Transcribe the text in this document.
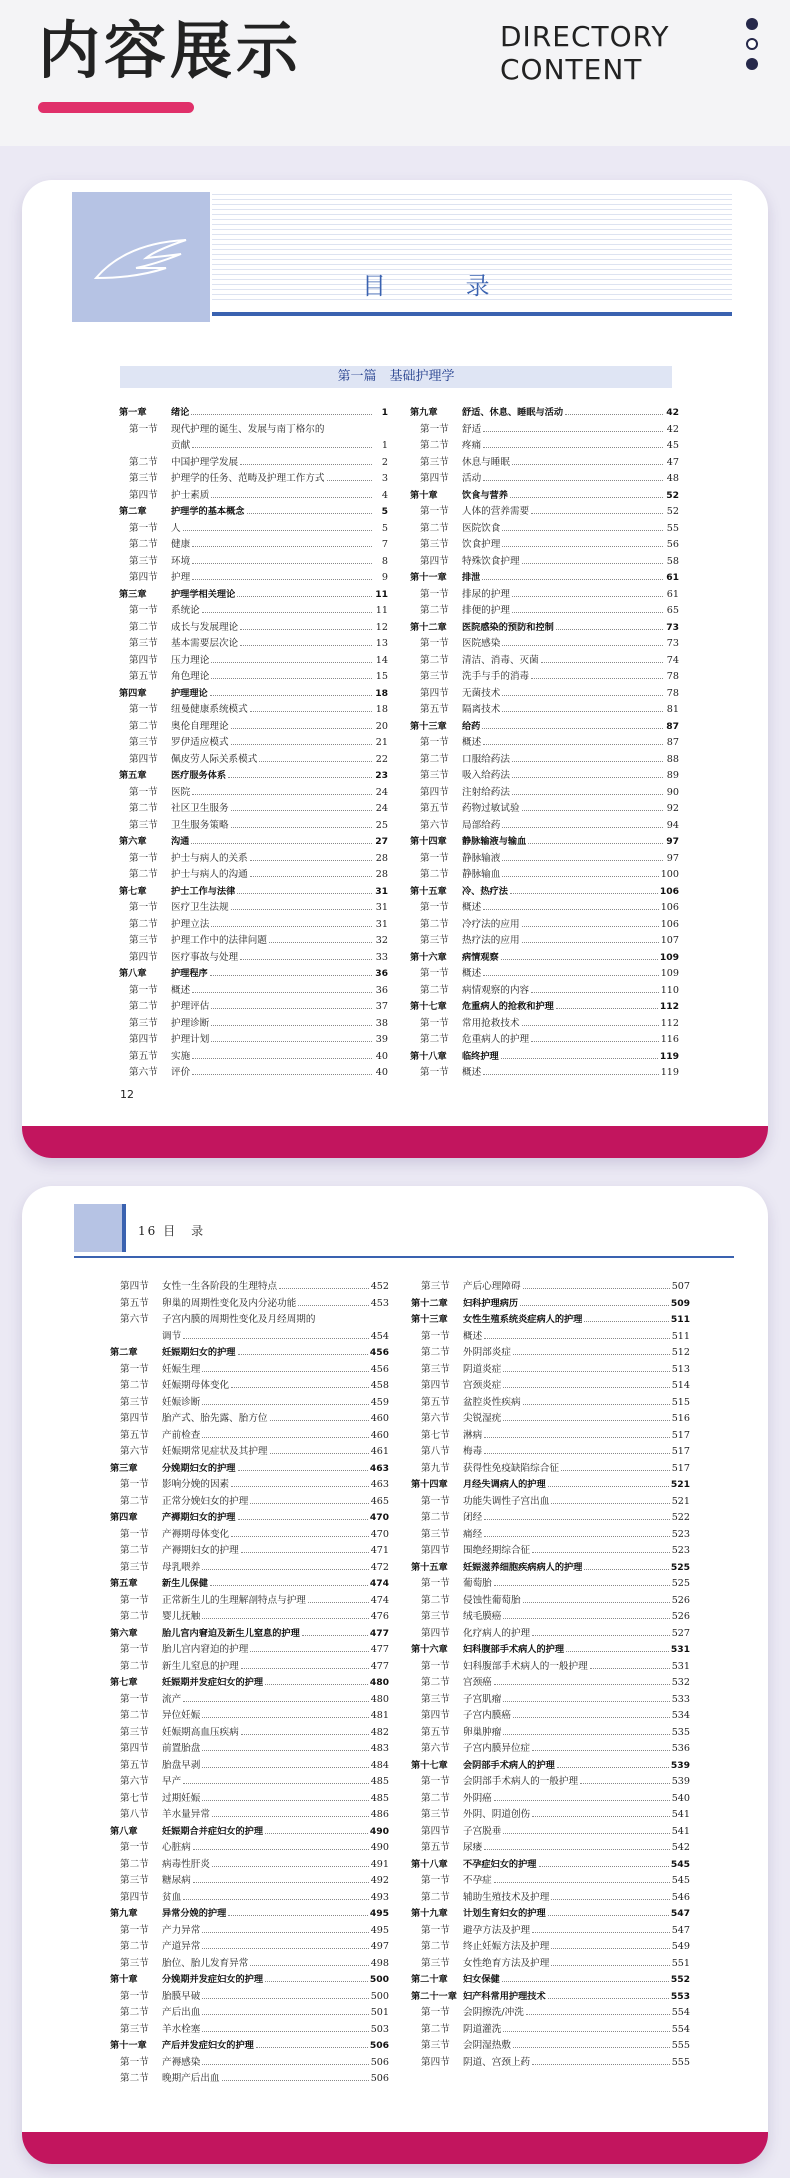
内容展示	DIRECTORY
CONTENT
目 录
第一篇　基础护理学
第一章	绪论	1
第一节	现代护理的诞生、发展与南丁格尔的
贡献	1
第二节	中国护理学发展	2
第三节	护理学的任务、范畴及护理工作方式	3
第四节	护士素质	4
第二章	护理学的基本概念	5
第一节	人	5
第二节	健康	7
第三节	环境	8
第四节	护理	9
第三章	护理学相关理论	11
第一节	系统论	11
第二节	成长与发展理论	12
第三节	基本需要层次论	13
第四节	压力理论	14
第五节	角色理论	15
第四章	护理理论	18
第一节	纽曼健康系统模式	18
第二节	奥伦自理理论	20
第三节	罗伊适应模式	21
第四节	佩皮劳人际关系模式	22
第五章	医疗服务体系	23
第一节	医院	24
第二节	社区卫生服务	24
第三节	卫生服务策略	25
第六章	沟通	27
第一节	护士与病人的关系	28
第二节	护士与病人的沟通	28
第七章	护士工作与法律	31
第一节	医疗卫生法规	31
第二节	护理立法	31
第三节	护理工作中的法律问题	32
第四节	医疗事故与处理	33
第八章	护理程序	36
第一节	概述	36
第二节	护理评估	37
第三节	护理诊断	38
第四节	护理计划	39
第五节	实施	40
第六节	评价	40
第九章	舒适、休息、睡眠与活动	42
第一节	舒适	42
第二节	疼痛	45
第三节	休息与睡眠	47
第四节	活动	48
第十章	饮食与营养	52
第一节	人体的营养需要	52
第二节	医院饮食	55
第三节	饮食护理	56
第四节	特殊饮食护理	58
第十一章	排泄	61
第一节	排尿的护理	61
第二节	排便的护理	65
第十二章	医院感染的预防和控制	73
第一节	医院感染	73
第二节	清洁、消毒、灭菌	74
第三节	洗手与手的消毒	78
第四节	无菌技术	78
第五节	隔离技术	81
第十三章	给药	87
第一节	概述	87
第二节	口服给药法	88
第三节	吸入给药法	89
第四节	注射给药法	90
第五节	药物过敏试验	92
第六节	局部给药	94
第十四章	静脉输液与输血	97
第一节	静脉输液	97
第二节	静脉输血	100
第十五章	冷、热疗法	106
第一节	概述	106
第二节	冷疗法的应用	106
第三节	热疗法的应用	107
第十六章	病情观察	109
第一节	概述	109
第二节	病情观察的内容	110
第十七章	危重病人的抢救和护理	112
第一节	常用抢救技术	112
第二节	危重病人的护理	116
第十八章	临终护理	119
第一节	概述	119
12
16 目　录
第四节	女性一生各阶段的生理特点	452
第五节	卵巢的周期性变化及内分泌功能	453
第六节	子宫内膜的周期性变化及月经周期的
调节	454
第二章	妊娠期妇女的护理	456
第一节	妊娠生理	456
第二节	妊娠期母体变化	458
第三节	妊娠诊断	459
第四节	胎产式、胎先露、胎方位	460
第五节	产前检查	460
第六节	妊娠期常见症状及其护理	461
第三章	分娩期妇女的护理	463
第一节	影响分娩的因素	463
第二节	正常分娩妇女的护理	465
第四章	产褥期妇女的护理	470
第一节	产褥期母体变化	470
第二节	产褥期妇女的护理	471
第三节	母乳喂养	472
第五章	新生儿保健	474
第一节	正常新生儿的生理解剖特点与护理	474
第二节	婴儿抚触	476
第六章	胎儿宫内窘迫及新生儿窒息的护理	477
第一节	胎儿宫内窘迫的护理	477
第二节	新生儿窒息的护理	477
第七章	妊娠期并发症妇女的护理	480
第一节	流产	480
第二节	异位妊娠	481
第三节	妊娠期高血压疾病	482
第四节	前置胎盘	483
第五节	胎盘早剥	484
第六节	早产	485
第七节	过期妊娠	485
第八节	羊水量异常	486
第八章	妊娠期合并症妇女的护理	490
第一节	心脏病	490
第二节	病毒性肝炎	491
第三节	糖尿病	492
第四节	贫血	493
第九章	异常分娩的护理	495
第一节	产力异常	495
第二节	产道异常	497
第三节	胎位、胎儿发育异常	498
第十章	分娩期并发症妇女的护理	500
第一节	胎膜早破	500
第二节	产后出血	501
第三节	羊水栓塞	503
第十一章	产后并发症妇女的护理	506
第一节	产褥感染	506
第二节	晚期产后出血	506
第三节	产后心理障碍	507
第十二章	妇科护理病历	509
第十三章	女性生殖系统炎症病人的护理	511
第一节	概述	511
第二节	外阴部炎症	512
第三节	阴道炎症	513
第四节	宫颈炎症	514
第五节	盆腔炎性疾病	515
第六节	尖锐湿疣	516
第七节	淋病	517
第八节	梅毒	517
第九节	获得性免疫缺陷综合征	517
第十四章	月经失调病人的护理	521
第一节	功能失调性子宫出血	521
第二节	闭经	522
第三节	痛经	523
第四节	围绝经期综合征	523
第十五章	妊娠滋养细胞疾病病人的护理	525
第一节	葡萄胎	525
第二节	侵蚀性葡萄胎	526
第三节	绒毛膜癌	526
第四节	化疗病人的护理	527
第十六章	妇科腹部手术病人的护理	531
第一节	妇科腹部手术病人的一般护理	531
第二节	宫颈癌	532
第三节	子宫肌瘤	533
第四节	子宫内膜癌	534
第五节	卵巢肿瘤	535
第六节	子宫内膜异位症	536
第十七章	会阴部手术病人的护理	539
第一节	会阴部手术病人的一般护理	539
第二节	外阴癌	540
第三节	外阴、阴道创伤	541
第四节	子宫脱垂	541
第五节	尿瘘	542
第十八章	不孕症妇女的护理	545
第一节	不孕症	545
第二节	辅助生殖技术及护理	546
第十九章	计划生育妇女的护理	547
第一节	避孕方法及护理	547
第二节	终止妊娠方法及护理	549
第三节	女性绝育方法及护理	551
第二十章	妇女保健	552
第二十一章 妇产科常用护理技术	553
第一节	会阴擦洗/冲洗	554
第二节	阴道灌洗	554
第三节	会阴湿热敷	555
第四节	阴道、宫颈上药	555
